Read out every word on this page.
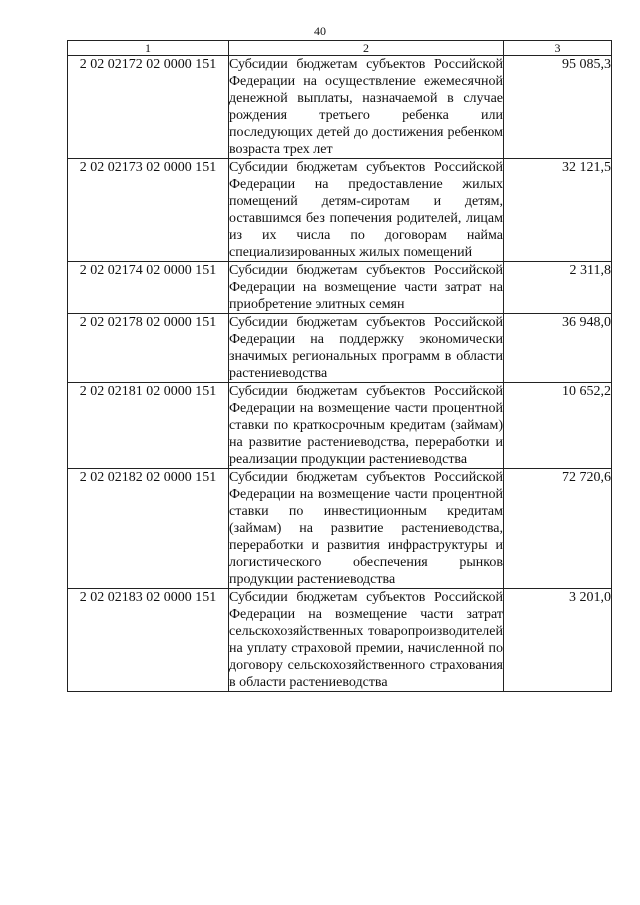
40
1	2	3
2 02 02172 02 0000 151	Субсидии бюджетам субъектов Российской Федерации на осуществление ежемесячной денежной выплаты, назначаемой в случае рождения третьего ребенка или последующих детей до достижения ребенком возраста трех лет	95 085,3
2 02 02173 02 0000 151	Субсидии бюджетам субъектов Российской Федерации на предоставление жилых помещений детям-сиротам и детям, оставшимся без попечения родителей, лицам из их числа по договорам найма специализированных жилых помещений	32 121,5
2 02 02174 02 0000 151	Субсидии бюджетам субъектов Российской Федерации на возмещение части затрат на приобретение элитных семян	2 311,8
2 02 02178 02 0000 151	Субсидии бюджетам субъектов Российской Федерации на поддержку экономически значимых региональных программ в области растениеводства	36 948,0
2 02 02181 02 0000 151	Субсидии бюджетам субъектов Российской Федерации на возмещение части процентной ставки по краткосрочным кредитам (займам) на развитие растениеводства, переработки и реализации продукции растениеводства	10 652,2
2 02 02182 02 0000 151	Субсидии бюджетам субъектов Российской Федерации на возмещение части процентной ставки по инвестиционным кредитам (займам) на развитие растениеводства, переработки и развития инфраструктуры и логистического обеспечения рынков продукции растениеводства	72 720,6
2 02 02183 02 0000 151	Субсидии бюджетам субъектов Российской Федерации на возмещение части затрат сельскохозяйственных товаропроизводителей на уплату страховой премии, начисленной по договору сельскохозяйственного страхования в области растениеводства	3 201,0
